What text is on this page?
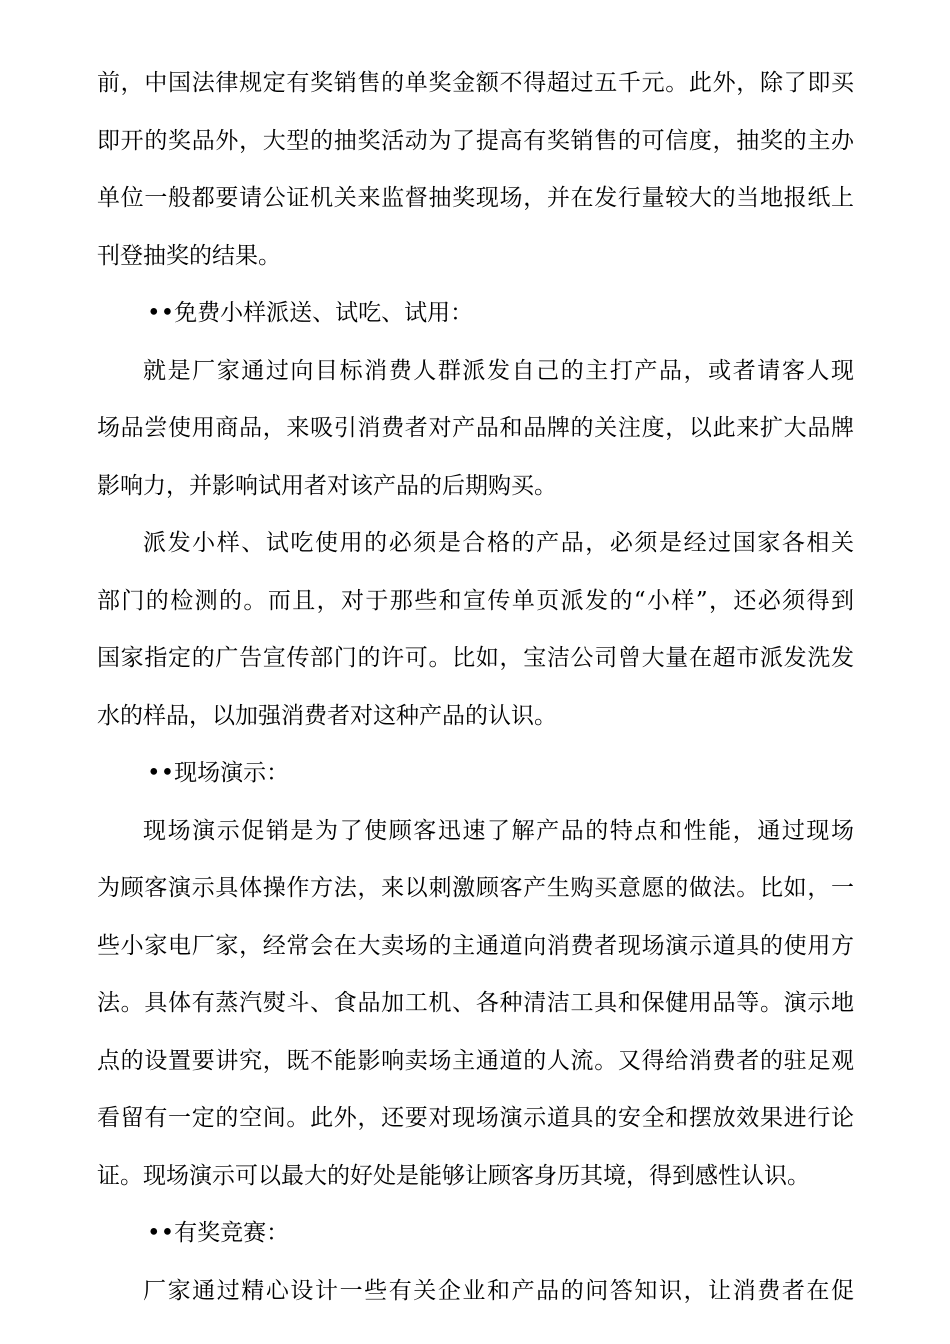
前，中国法律规定有奖销售的单奖金额不得超过五千元。此外，除了即买
即开的奖品外，大型的抽奖活动为了提高有奖销售的可信度，抽奖的主办
单位一般都要请公证机关来监督抽奖现场，并在发行量较大的当地报纸上
刊登抽奖的结果。
••免费小样派送、试吃、试用：
就是厂家通过向目标消费人群派发自己的主打产品，或者请客人现
场品尝使用商品，来吸引消费者对产品和品牌的关注度，以此来扩大品牌
影响力，并影响试用者对该产品的后期购买。
派发小样、试吃使用的必须是合格的产品，必须是经过国家各相关
部门的检测的。而且，对于那些和宣传单页派发的“小样”，还必须得到
国家指定的广告宣传部门的许可。比如，宝洁公司曾大量在超市派发洗发
水的样品，以加强消费者对这种产品的认识。
••现场演示：
现场演示促销是为了使顾客迅速了解产品的特点和性能，通过现场
为顾客演示具体操作方法，来以刺激顾客产生购买意愿的做法。比如，一
些小家电厂家，经常会在大卖场的主通道向消费者现场演示道具的使用方
法。具体有蒸汽熨斗、食品加工机、各种清洁工具和保健用品等。演示地
点的设置要讲究，既不能影响卖场主通道的人流。又得给消费者的驻足观
看留有一定的空间。此外，还要对现场演示道具的安全和摆放效果进行论
证。现场演示可以最大的好处是能够让顾客身历其境，得到感性认识。
••有奖竞赛：
厂家通过精心设计一些有关企业和产品的问答知识，让消费者在促
